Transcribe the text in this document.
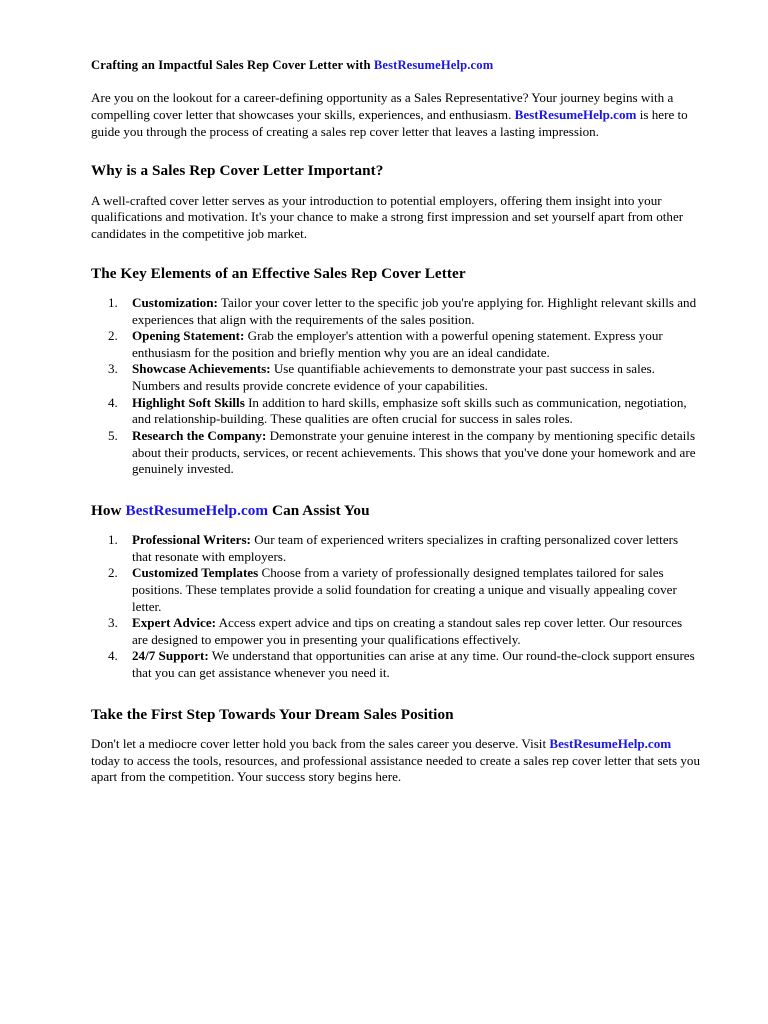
Crafting an Impactful Sales Rep Cover Letter with BestResumeHelp.com

Are you on the lookout for a career-defining opportunity as a Sales Representative? Your journey begins with a compelling cover letter that showcases your skills, experiences, and enthusiasm. BestResumeHelp.com is here to guide you through the process of creating a sales rep cover letter that leaves a lasting impression.

Why is a Sales Rep Cover Letter Important?

A well-crafted cover letter serves as your introduction to potential employers, offering them insight into your qualifications and motivation. It's your chance to make a strong first impression and set yourself apart from other candidates in the competitive job market.

The Key Elements of an Effective Sales Rep Cover Letter
Customization: Tailor your cover letter to the specific job you're applying for. Highlight relevant skills and experiences that align with the requirements of the sales position.
Opening Statement: Grab the employer's attention with a powerful opening statement. Express your enthusiasm for the position and briefly mention why you are an ideal candidate.
Showcase Achievements: Use quantifiable achievements to demonstrate your past success in sales. Numbers and results provide concrete evidence of your capabilities.
Highlight Soft Skills In addition to hard skills, emphasize soft skills such as communication, negotiation, and relationship-building. These qualities are often crucial for success in sales roles.
Research the Company: Demonstrate your genuine interest in the company by mentioning specific details about their products, services, or recent achievements. This shows that you've done your homework and are genuinely invested.
How BestResumeHelp.com Can Assist You
Professional Writers: Our team of experienced writers specializes in crafting personalized cover letters that resonate with employers.
Customized Templates Choose from a variety of professionally designed templates tailored for sales positions. These templates provide a solid foundation for creating a unique and visually appealing cover letter.
Expert Advice: Access expert advice and tips on creating a standout sales rep cover letter. Our resources are designed to empower you in presenting your qualifications effectively.
24/7 Support: We understand that opportunities can arise at any time. Our round-the-clock support ensures that you can get assistance whenever you need it.
Take the First Step Towards Your Dream Sales Position

Don't let a mediocre cover letter hold you back from the sales career you deserve. Visit BestResumeHelp.com today to access the tools, resources, and professional assistance needed to create a sales rep cover letter that sets you apart from the competition. Your success story begins here.
